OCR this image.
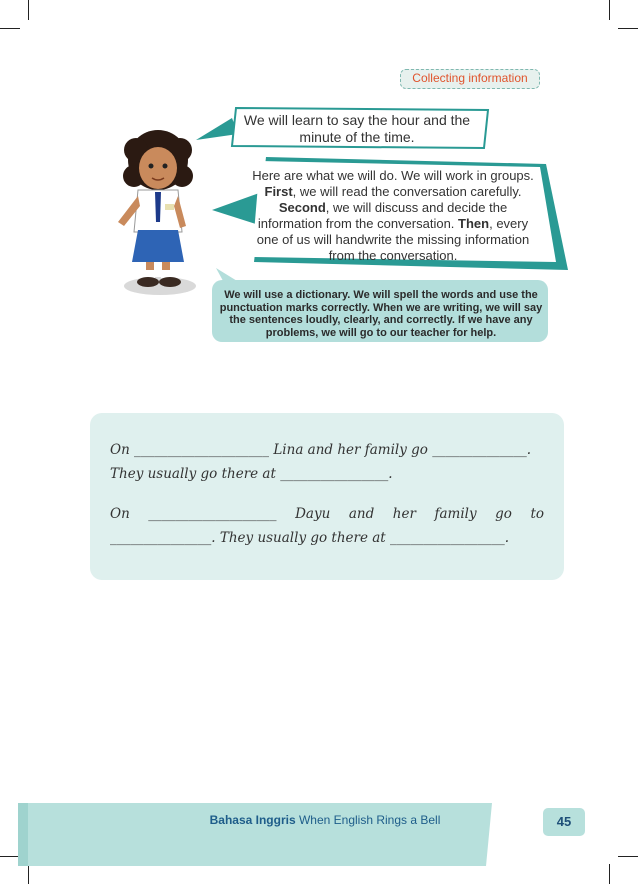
Collecting information
We will learn to say the hour and the minute of the time.
Here are what we will do. We will work in groups. First, we will read the conversation carefully. Second, we will discuss and decide the information from the conversation. Then, every one of us will handwrite the missing information from the conversation.
We will use a dictionary. We will spell the words and use the punctuation marks correctly. When we are writing, we will say the sentences loudly, clearly, and correctly. If we have any problems, we will go to our teacher for help.
On ____________________ Lina and her family go ______________.
They usually go there at ________________.
On ___________________ Dayu and her family go to _______________. They usually go there at _________________.
Bahasa Inggris When English Rings a Bell	45
